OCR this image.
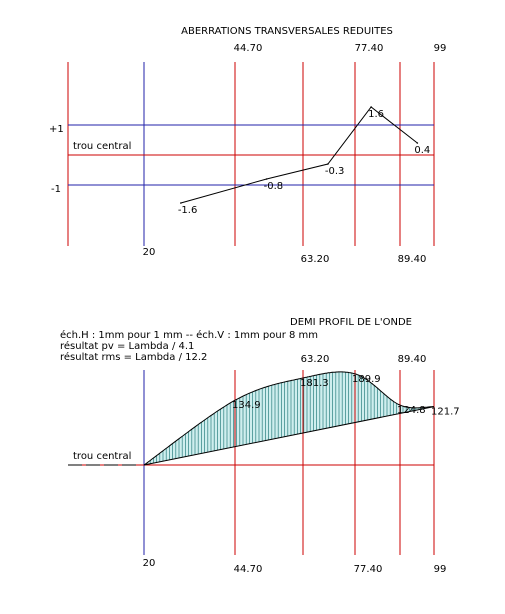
ABERRATIONS TRANSVERSALES REDUITES
+1
-1
trou central
44.70	77.40	99
20
63.20	89.40
-1.6
-0.8
-0.3
1.6
0.4
DEMI PROFIL DE L'ONDE
éch.H : 1mm pour 1 mm -- éch.V : 1mm pour 8 mm
résultat pv = Lambda / 4.1
résultat rms = Lambda / 12.2
trou central
134.9
181.3 189.9
124.8 121.7
63.20	89.40
20
44.70	77.40	99
